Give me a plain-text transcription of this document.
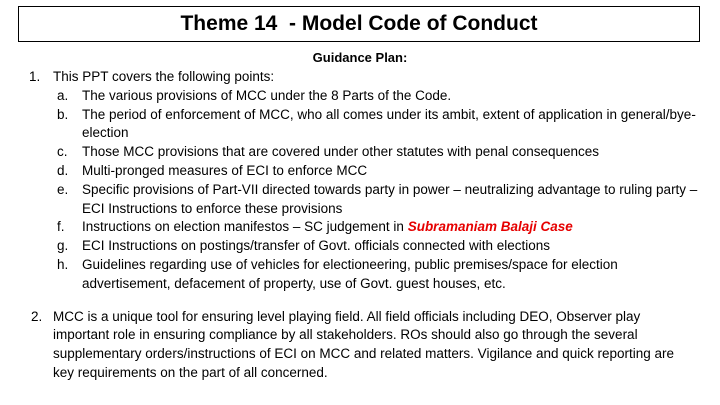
Theme 14  - Model Code of Conduct
Guidance Plan:
1. This PPT covers the following points:
a. The various provisions of MCC under the 8 Parts of the Code.
b. The period of enforcement of MCC, who all comes under its ambit, extent of application in general/bye-election
c. Those MCC provisions that are covered under other statutes with penal consequences
d. Multi-pronged measures of ECI to enforce MCC
e. Specific provisions of Part-VII directed towards party in power – neutralizing advantage to ruling party – ECI Instructions to enforce these provisions
f. Instructions on election manifestos – SC judgement in Subramaniam Balaji Case
g. ECI Instructions on postings/transfer of Govt. officials connected with elections
h. Guidelines regarding use of vehicles for electioneering, public premises/space for election advertisement, defacement of property, use of Govt. guest houses, etc.
2. MCC is a unique tool for ensuring level playing field. All field officials including DEO, Observer play important role in ensuring compliance by all stakeholders. ROs should also go through the several supplementary orders/instructions of ECI on MCC and related matters. Vigilance and quick reporting are key requirements on the part of all concerned.
